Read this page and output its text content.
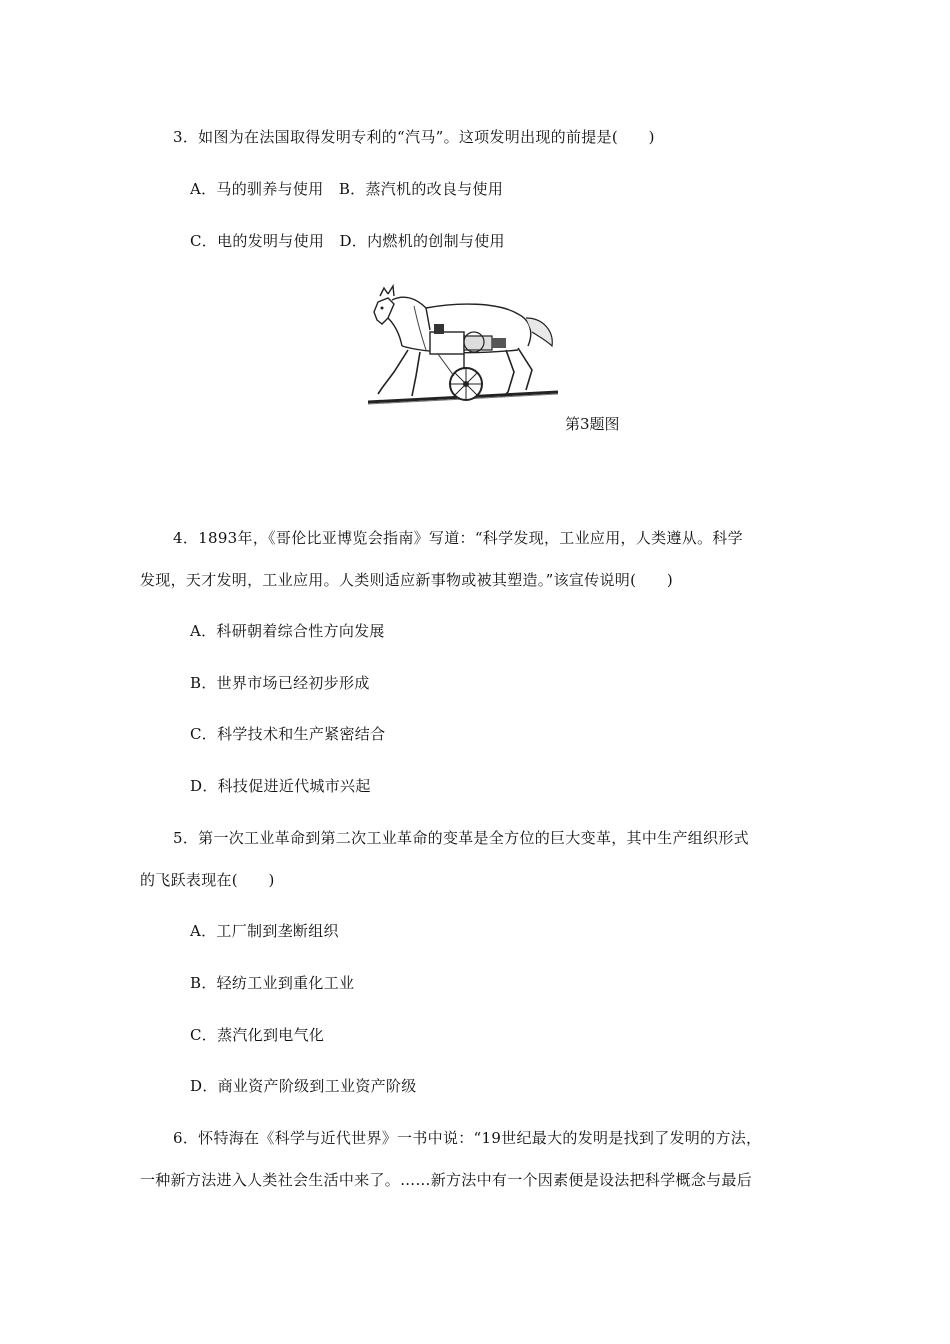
3．如图为在法国取得发明专利的“汽马”。这项发明出现的前提是(　　)
A．马的驯养与使用　B．蒸汽机的改良与使用
C．电的发明与使用　D．内燃机的创制与使用
第3题图
4．1893年，《哥伦比亚博览会指南》写道：“科学发现，工业应用，人类遵从。科学
发现，天才发明，工业应用。人类则适应新事物或被其塑造。”该宣传说明(　　)
A．科研朝着综合性方向发展
B．世界市场已经初步形成
C．科学技术和生产紧密结合
D．科技促进近代城市兴起
5．第一次工业革命到第二次工业革命的变革是全方位的巨大变革，其中生产组织形式
的飞跃表现在(　　)
A．工厂制到垄断组织
B．轻纺工业到重化工业
C．蒸汽化到电气化
D．商业资产阶级到工业资产阶级
6．怀特海在《科学与近代世界》一书中说：“19世纪最大的发明是找到了发明的方法，
一种新方法进入人类社会生活中来了。……新方法中有一个因素便是设法把科学概念与最后
